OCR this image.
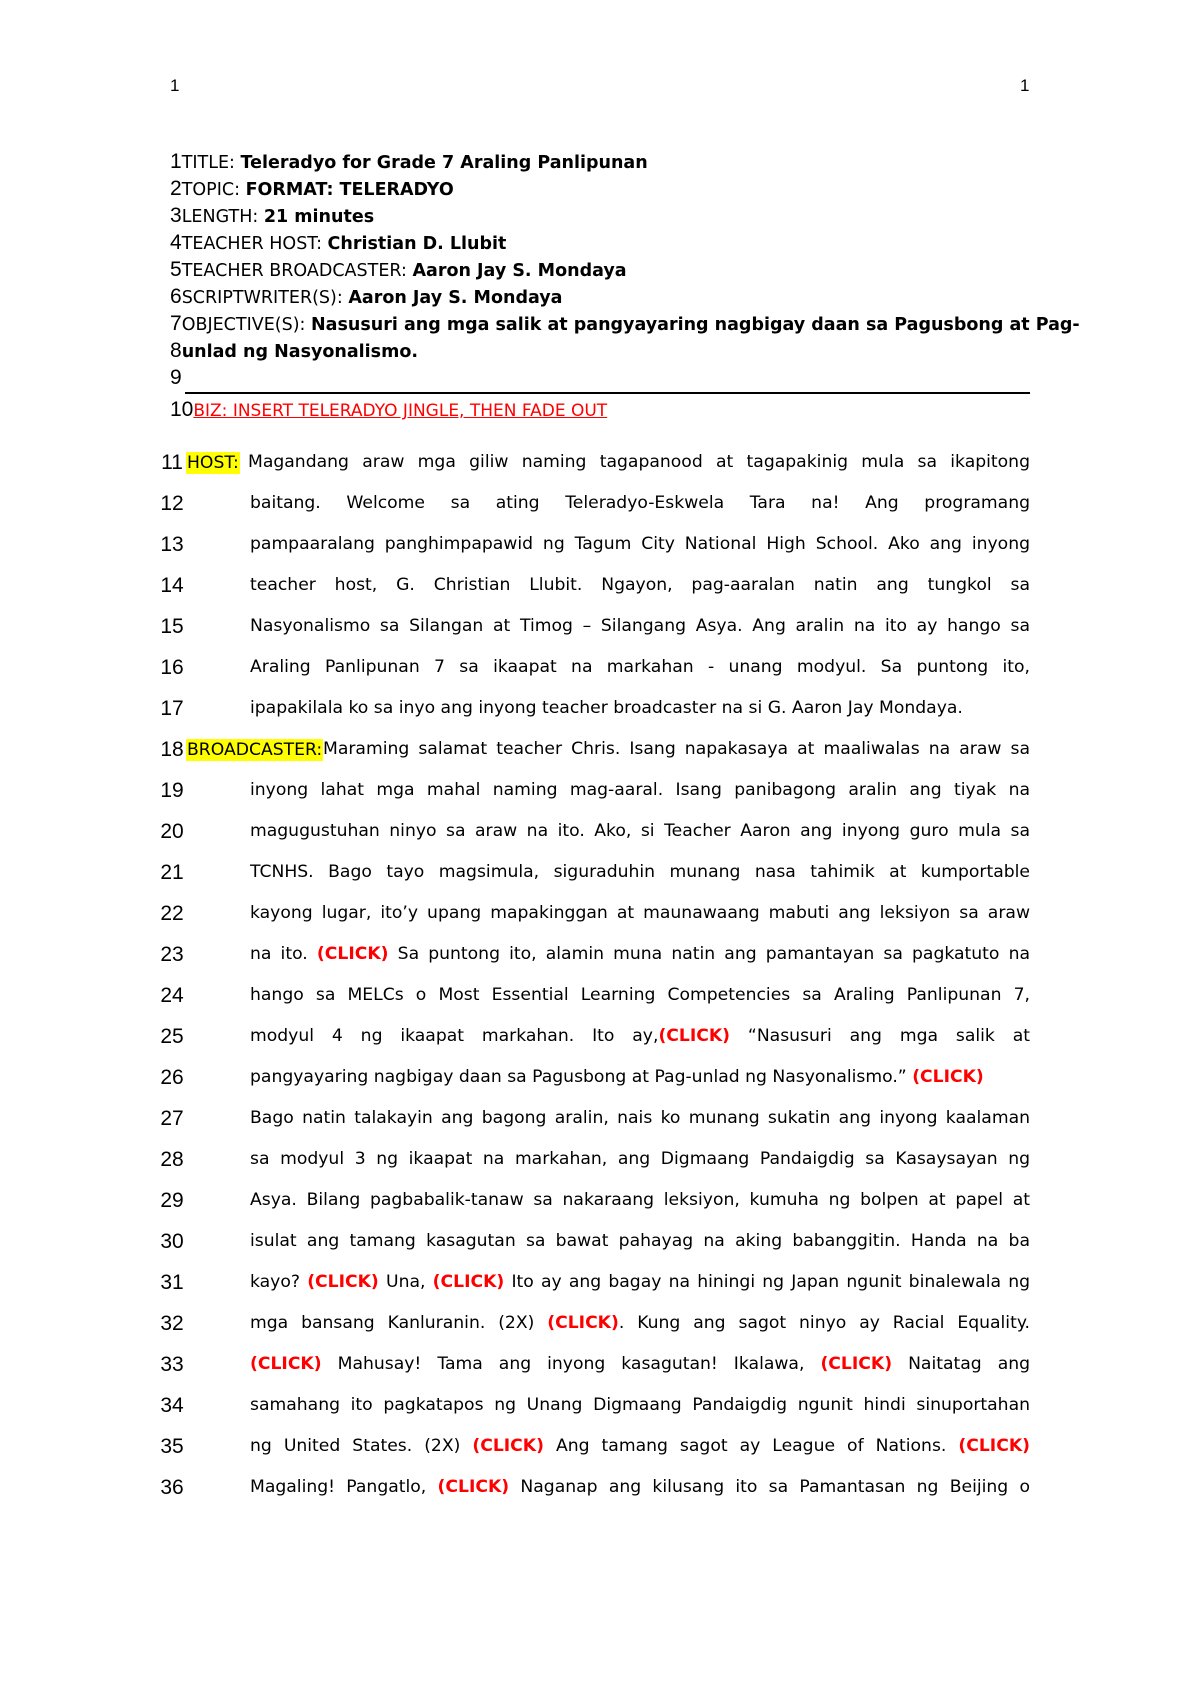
1	1
1TITLE: Teleradyo for Grade 7 Araling Panlipunan
2TOPIC: FORMAT: TELERADYO
3LENGTH: 21 minutes
4TEACHER HOST: Christian D. Llubit
5TEACHER BROADCASTER: Aaron Jay S. Mondaya
6SCRIPTWRITER(S): Aaron Jay S. Mondaya
7OBJECTIVE(S): Nasusuri ang mga salik at pangyayaring nagbigay daan sa Pagusbong at Pag-
8unlad ng Nasyonalismo.
9
10BIZ: INSERT TELERADYO JINGLE, THEN FADE OUT
11 HOST: Magandang araw mga giliw naming tagapanood at tagapakinig mula sa ikapitong
12	baitang. Welcome sa ating Teleradyo-Eskwela Tara na! Ang programang
13	pampaaralang panghimpapawid ng Tagum City National High School. Ako ang inyong
14	teacher host, G. Christian Llubit. Ngayon, pag-aaralan natin ang tungkol sa
15	Nasyonalismo sa Silangan at Timog – Silangang Asya. Ang aralin na ito ay hango sa
16	Araling Panlipunan 7 sa ikaapat na markahan - unang modyul. Sa puntong ito,
17	ipapakilala ko sa inyo ang inyong teacher broadcaster na si G. Aaron Jay Mondaya.
18 BROADCASTER: Maraming salamat teacher Chris. Isang napakasaya at maaliwalas na araw sa
19	inyong lahat mga mahal naming mag-aaral. Isang panibagong aralin ang tiyak na
20	magugustuhan ninyo sa araw na ito. Ako, si Teacher Aaron ang inyong guro mula sa
21	TCNHS. Bago tayo magsimula, siguraduhin munang nasa tahimik at kumportable
22	kayong lugar, ito’y upang mapakinggan at maunawaang mabuti ang leksiyon sa araw
23	na ito. (CLICK) Sa puntong ito, alamin muna natin ang pamantayan sa pagkatuto na
24	hango sa MELCs o Most Essential Learning Competencies sa Araling Panlipunan 7,
25	modyul 4 ng ikaapat markahan. Ito ay,(CLICK) “Nasusuri ang mga salik at
26	pangyayaring nagbigay daan sa Pagusbong at Pag-unlad ng Nasyonalismo.” (CLICK)
27	Bago natin talakayin ang bagong aralin, nais ko munang sukatin ang inyong kaalaman
28	sa modyul 3 ng ikaapat na markahan, ang Digmaang Pandaigdig sa Kasaysayan ng
29	Asya. Bilang pagbabalik-tanaw sa nakaraang leksiyon, kumuha ng bolpen at papel at
30	isulat ang tamang kasagutan sa bawat pahayag na aking babanggitin. Handa na ba
31	kayo? (CLICK) Una, (CLICK) Ito ay ang bagay na hiningi ng Japan ngunit binalewala ng
32	mga bansang Kanluranin. (2X) (CLICK). Kung ang sagot ninyo ay Racial Equality.
33	(CLICK) Mahusay! Tama ang inyong kasagutan! Ikalawa, (CLICK) Naitatag ang
34	samahang ito pagkatapos ng Unang Digmaang Pandaigdig ngunit hindi sinuportahan
35	ng United States. (2X) (CLICK) Ang tamang sagot ay League of Nations. (CLICK)
36	Magaling! Pangatlo, (CLICK) Naganap ang kilusang ito sa Pamantasan ng Beijing o
